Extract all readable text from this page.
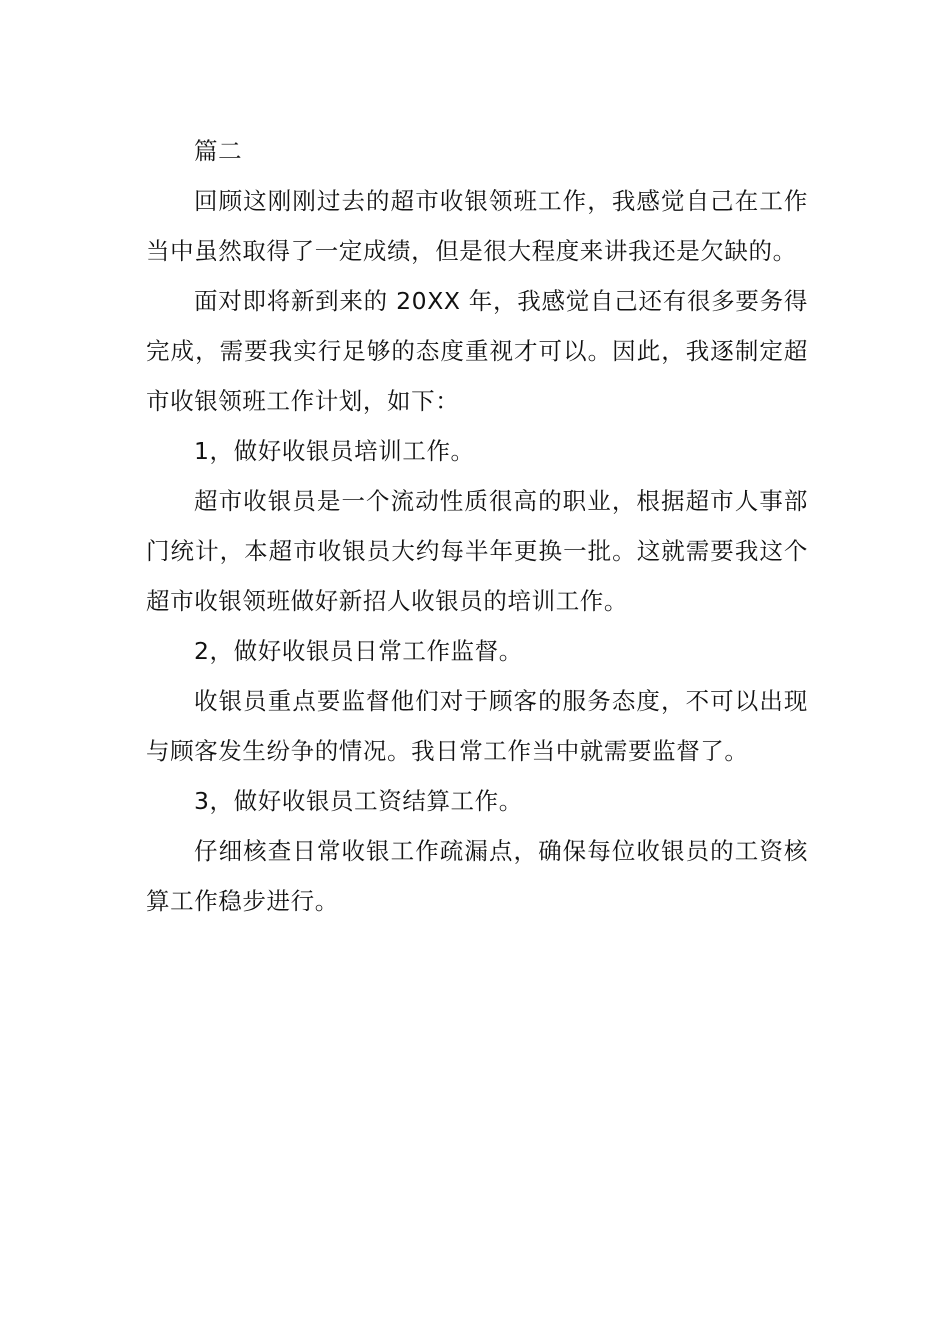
篇二

回顾这刚刚过去的超市收银领班工作，我感觉自己在工作当中虽然取得了一定成绩，但是很大程度来讲我还是欠缺的。

面对即将新到来的 20XX 年，我感觉自己还有很多要务得完成，需要我实行足够的态度重视才可以。因此，我逐制定超市收银领班工作计划，如下：

1，做好收银员培训工作。

超市收银员是一个流动性质很高的职业，根据超市人事部门统计，本超市收银员大约每半年更换一批。这就需要我这个超市收银领班做好新招人收银员的培训工作。

2，做好收银员日常工作监督。

收银员重点要监督他们对于顾客的服务态度，不可以出现与顾客发生纷争的情况。我日常工作当中就需要监督了。

3，做好收银员工资结算工作。

仔细核查日常收银工作疏漏点，确保每位收银员的工资核算工作稳步进行。
